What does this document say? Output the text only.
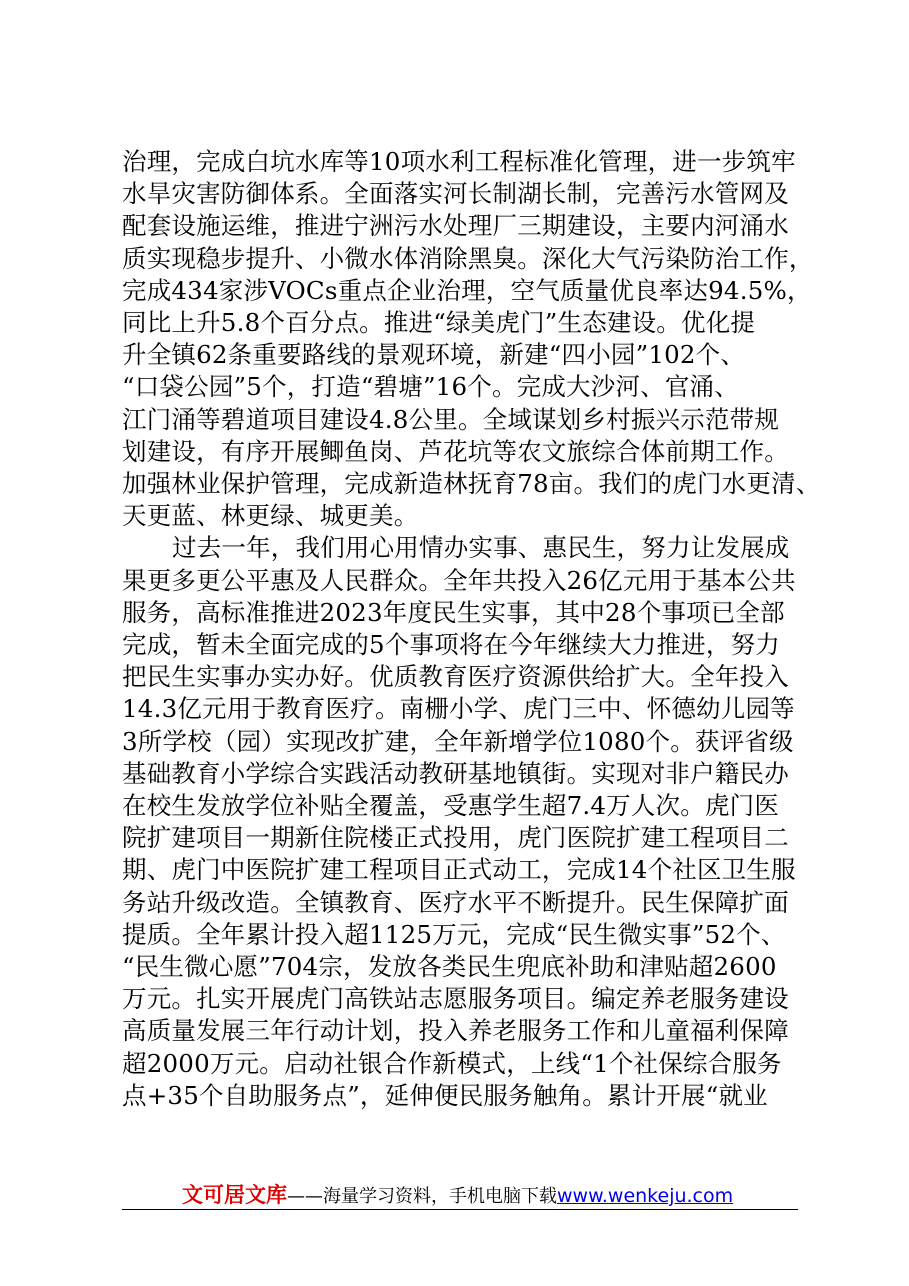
治理，完成白坑水库等10项水利工程标准化管理，进一步筑牢
水旱灾害防御体系。全面落实河长制湖长制，完善污水管网及
配套设施运维，推进宁洲污水处理厂三期建设，主要内河涌水
质实现稳步提升、小微水体消除黑臭。深化大气污染防治工作，
完成434家涉VOCs重点企业治理，空气质量优良率达94.5%，
同比上升5.8个百分点。推进“绿美虎门”生态建设。优化提
升全镇62条重要路线的景观环境，新建“四小园”102个、
“口袋公园”5个，打造“碧塘”16个。完成大沙河、官涌、
江门涌等碧道项目建设4.8公里。全域谋划乡村振兴示范带规
划建设，有序开展鲫鱼岗、芦花坑等农文旅综合体前期工作。
加强林业保护管理，完成新造林抚育78亩。我们的虎门水更清、
天更蓝、林更绿、城更美。
过去一年，我们用心用情办实事、惠民生，努力让发展成
果更多更公平惠及人民群众。全年共投入26亿元用于基本公共
服务，高标准推进2023年度民生实事，其中28个事项已全部
完成，暂未全面完成的5个事项将在今年继续大力推进，努力
把民生实事办实办好。优质教育医疗资源供给扩大。全年投入
14.3亿元用于教育医疗。南栅小学、虎门三中、怀德幼儿园等
3所学校（园）实现改扩建，全年新增学位1080个。获评省级
基础教育小学综合实践活动教研基地镇街。实现对非户籍民办
在校生发放学位补贴全覆盖，受惠学生超7.4万人次。虎门医
院扩建项目一期新住院楼正式投用，虎门医院扩建工程项目二
期、虎门中医院扩建工程项目正式动工，完成14个社区卫生服
务站升级改造。全镇教育、医疗水平不断提升。民生保障扩面
提质。全年累计投入超1125万元，完成“民生微实事”52个、
“民生微心愿”704宗，发放各类民生兜底补助和津贴超2600
万元。扎实开展虎门高铁站志愿服务项目。编定养老服务建设
高质量发展三年行动计划，投入养老服务工作和儿童福利保障
超2000万元。启动社银合作新模式，上线“1个社保综合服务
点+35个自助服务点”，延伸便民服务触角。累计开展“就业
文可居文库——海量学习资料，手机电脑下载www.wenkeju.com
